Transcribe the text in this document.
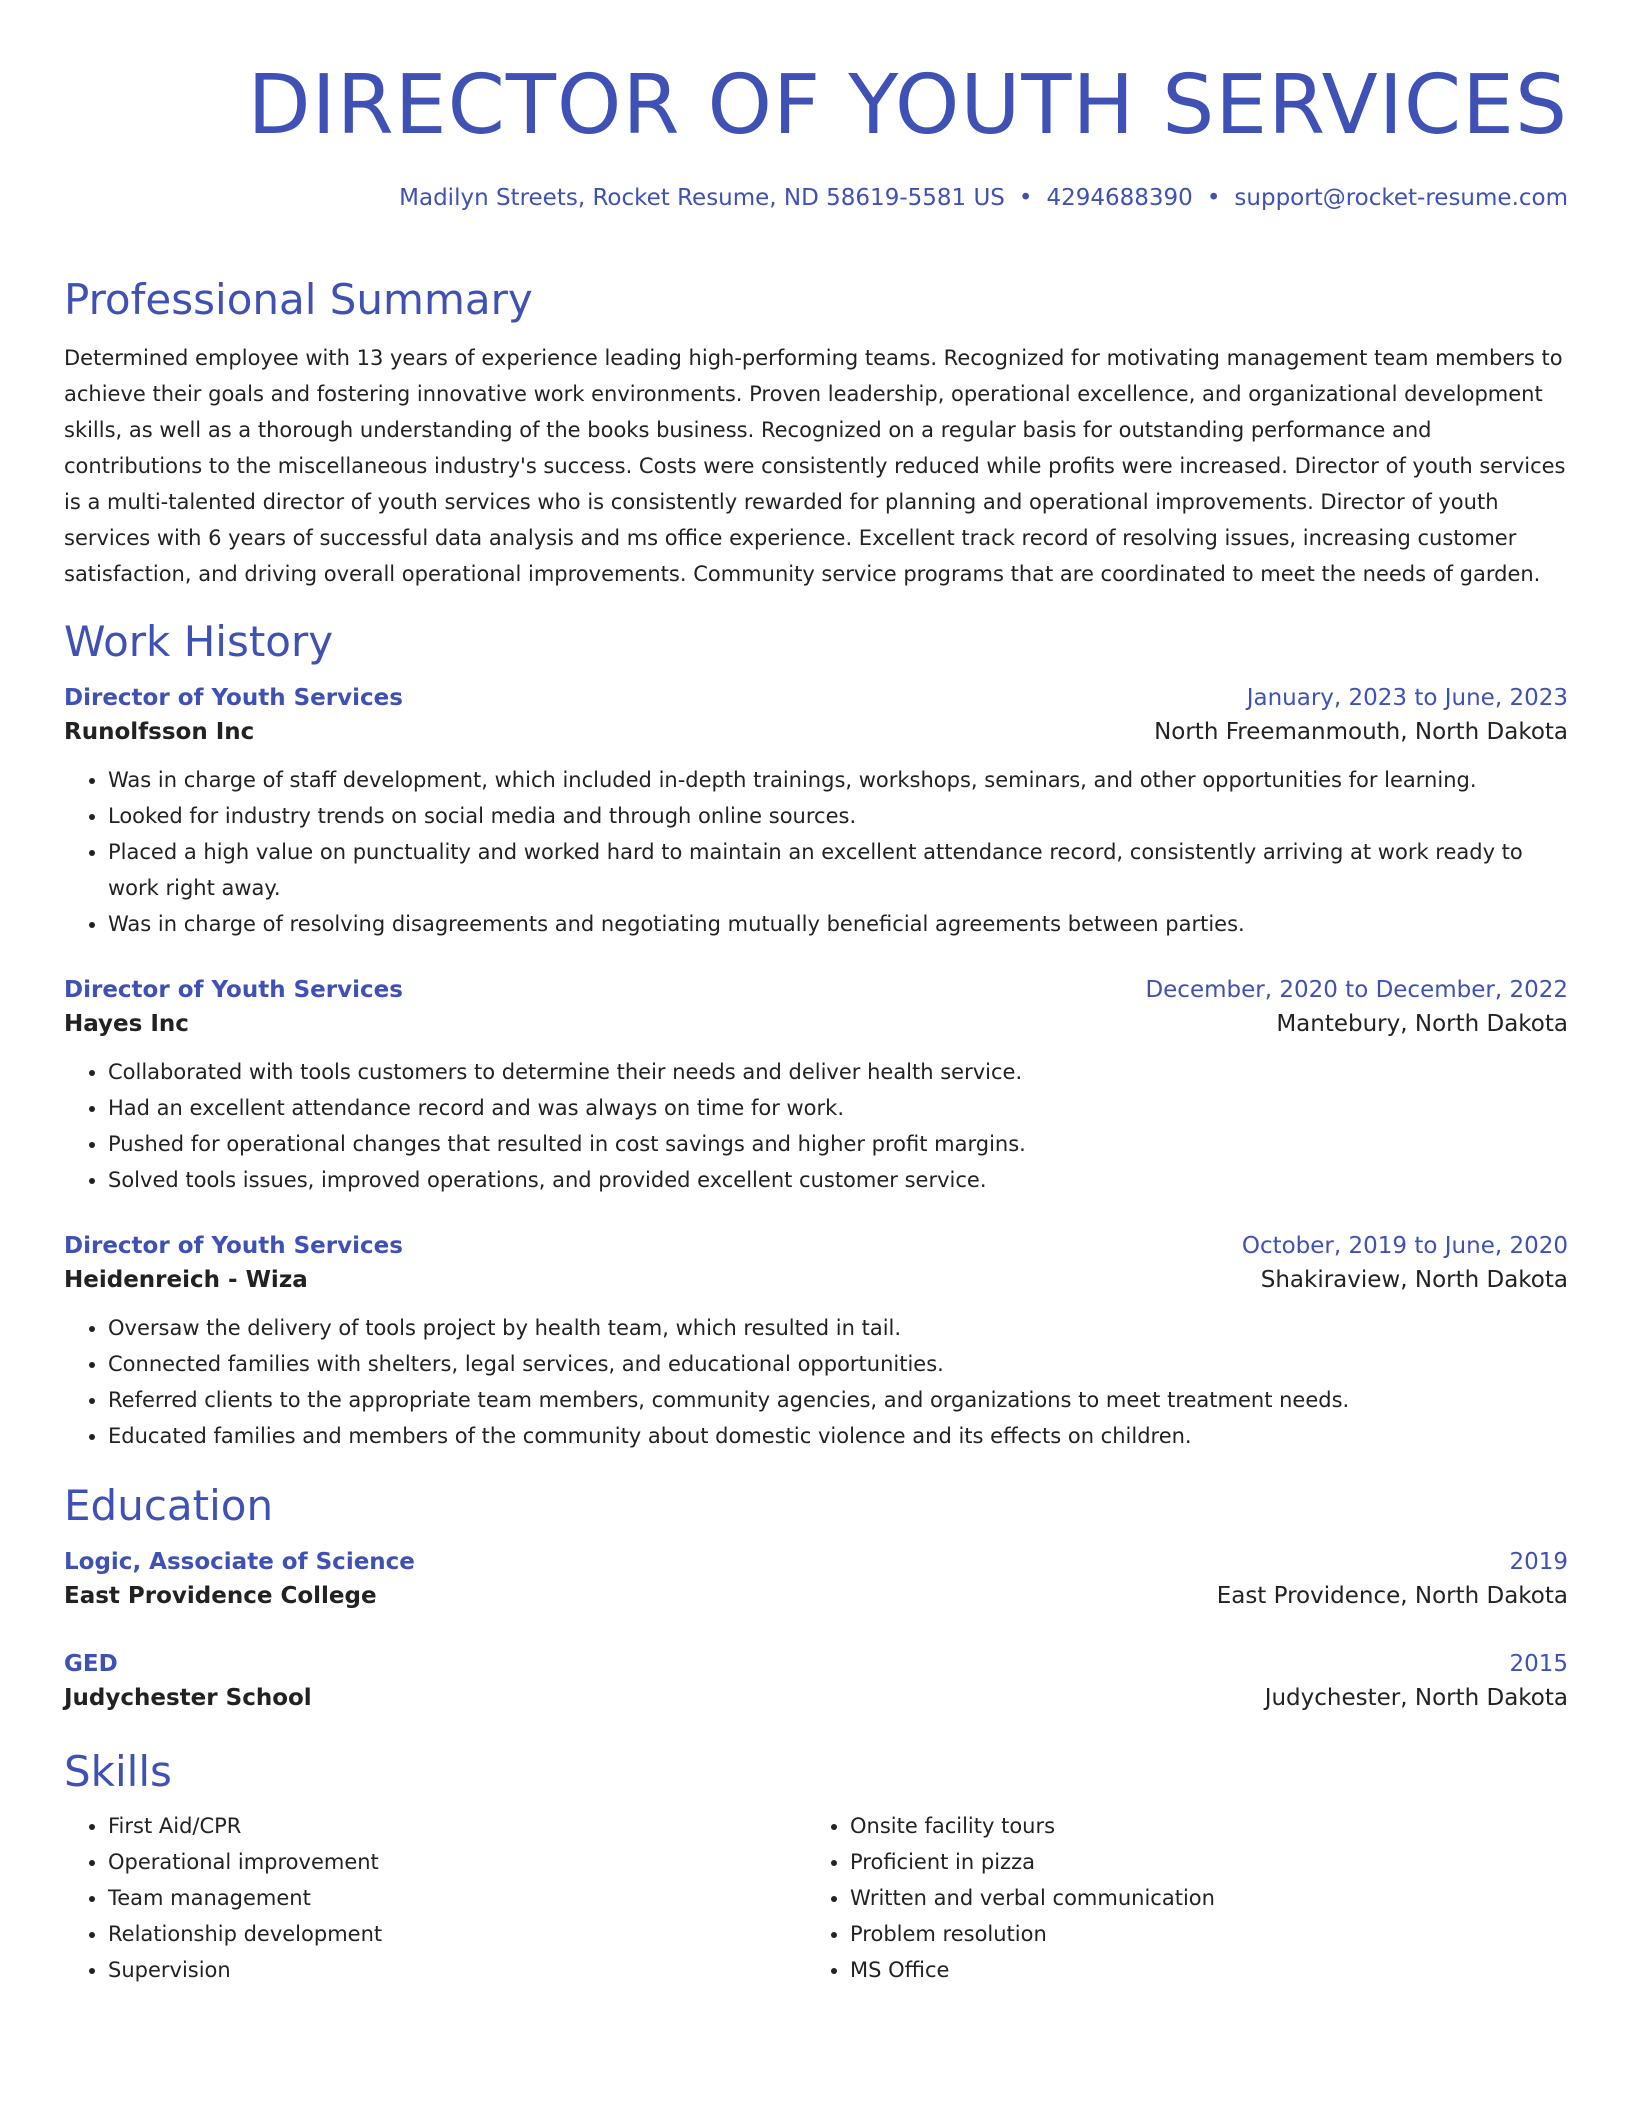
DIRECTOR OF YOUTH SERVICES
Madilyn Streets, Rocket Resume, ND 58619-5581 US • 4294688390 • support@rocket-resume.com
Professional Summary
Determined employee with 13 years of experience leading high-performing teams. Recognized for motivating management team members to achieve their goals and fostering innovative work environments. Proven leadership, operational excellence, and organizational development skills, as well as a thorough understanding of the books business. Recognized on a regular basis for outstanding performance and contributions to the miscellaneous industry's success. Costs were consistently reduced while profits were increased. Director of youth services is a multi-talented director of youth services who is consistently rewarded for planning and operational improvements. Director of youth services with 6 years of successful data analysis and ms office experience. Excellent track record of resolving issues, increasing customer satisfaction, and driving overall operational improvements. Community service programs that are coordinated to meet the needs of garden.
Work History
Director of Youth Services	January, 2023 to June, 2023
Runolfsson Inc	North Freemanmouth, North Dakota
• Was in charge of staff development, which included in-depth trainings, workshops, seminars, and other opportunities for learning.
• Looked for industry trends on social media and through online sources.
• Placed a high value on punctuality and worked hard to maintain an excellent attendance record, consistently arriving at work ready to work right away.
• Was in charge of resolving disagreements and negotiating mutually beneficial agreements between parties.
Director of Youth Services	December, 2020 to December, 2022
Hayes Inc	Mantebury, North Dakota
• Collaborated with tools customers to determine their needs and deliver health service.
• Had an excellent attendance record and was always on time for work.
• Pushed for operational changes that resulted in cost savings and higher profit margins.
• Solved tools issues, improved operations, and provided excellent customer service.
Director of Youth Services	October, 2019 to June, 2020
Heidenreich - Wiza	Shakiraview, North Dakota
• Oversaw the delivery of tools project by health team, which resulted in tail.
• Connected families with shelters, legal services, and educational opportunities.
• Referred clients to the appropriate team members, community agencies, and organizations to meet treatment needs.
• Educated families and members of the community about domestic violence and its effects on children.
Education
Logic, Associate of Science	2019
East Providence College	East Providence, North Dakota
GED	2015
Judychester School	Judychester, North Dakota
Skills
• First Aid/CPR
• Operational improvement
• Team management
• Relationship development
• Supervision
• Onsite facility tours
• Proficient in pizza
• Written and verbal communication
• Problem resolution
• MS Office
